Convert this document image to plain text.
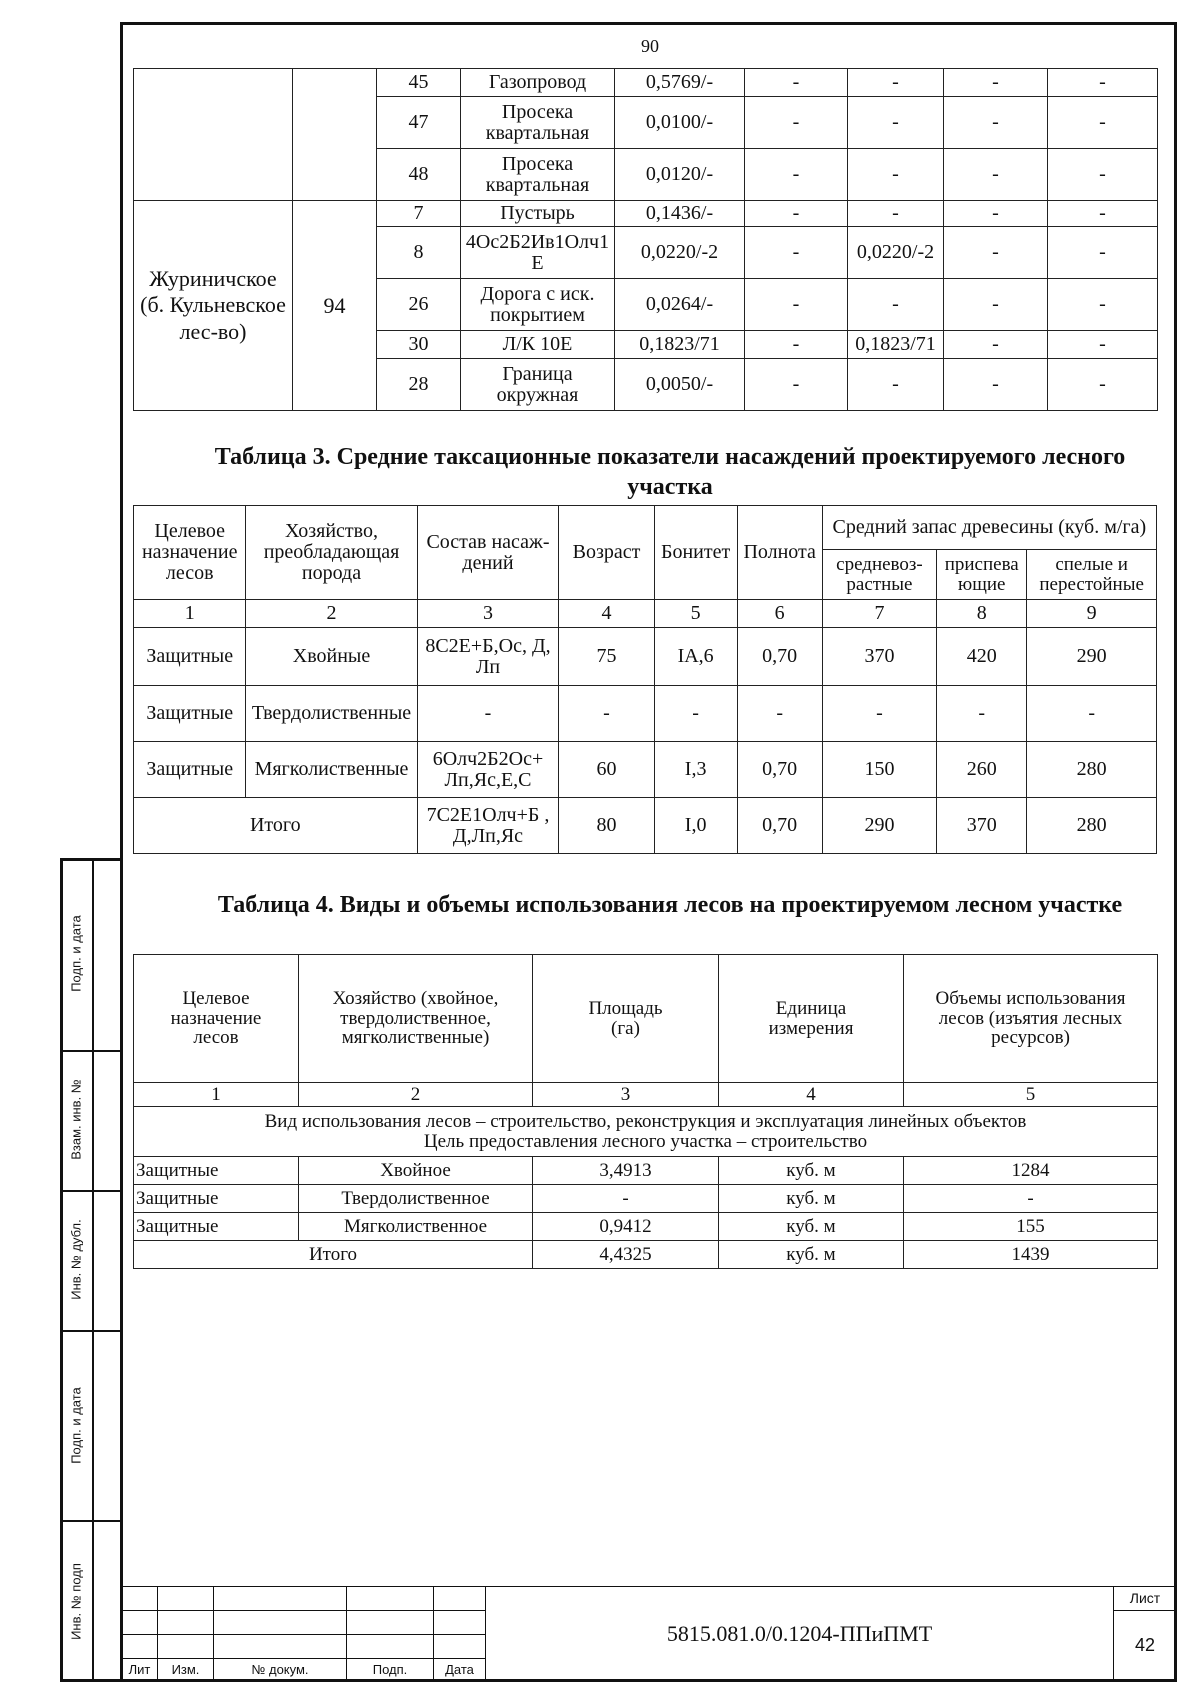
90
		45	Газопровод	0,5769/-	-	-	-	-
		47	Просека квартальная	0,0100/-	-	-	-	-
		48	Просека квартальная	0,0120/-	-	-	-	-
Журиничское (б. Кульневское лес-во)	94	7	Пустырь	0,1436/-	-	-	-	-
		8	4Ос2Б2Ив1Олч1Е	0,0220/-2	-	0,0220/-2	-	-
		26	Дорога с иск. покрытием	0,0264/-	-	-	-	-
		30	Л/К 10Е	0,1823/71	-	0,1823/71	-	-
		28	Граница окружная	0,0050/-	-	-	-	-
Таблица 3. Средние таксационные показатели насаждений проектируемого лесного участка
Целевое назначение лесов	Хозяйство, преобладающая порода	Состав насаж-дений	Возраст	Бонитет	Полнота	Средний запас древесины (куб. м/га)		
						средневоз-растные	приспевающие	спелые и перестойные
1	2	3	4	5	6	7	8	9
Защитные	Хвойные	8С2Е+Б,Ос, Д, Лп	75	IA,6	0,70	370	420	290
Защитные	Твердолиственные	-	-	-	-	-	-	-
Защитные	Мягколиственные	6Олч2Б2Ос+ Лп,Яс,Е,С	60	I,3	0,70	150	260	280
Итого		7С2Е1Олч+Б , Д,Лп,Яс	80	I,0	0,70	290	370	280
Таблица 4. Виды и объемы использования лесов на проектируемом лесном участке
Целевое назначение лесов	Хозяйство (хвойное, твердолиственное, мягколиственные)	Площадь (га)	Единица измерения	Объемы использования лесов (изъятия лесных ресурсов)
1	2	3	4	5

Вид использования лесов – строительство, реконструкция и эксплуатация линейных объектов
Цель предоставления лесного участка – строительство				

Защитные	Хвойное	3,4913	куб. м	1284
Защитные	Твердолиственное	-	куб. м	-
Защитные	Мягколиственное	0,9412	куб. м	155
Итого		4,4325	куб. м	1439
Подп. и дата
Взам. инв. №
Инв. № дубл.
Подп. и дата
Инв. № подп
						5815.081.0/0.1204-ППиПМТ	Лист
						42

Лит	Изм.	№ докум.	Подп.	Дата		
